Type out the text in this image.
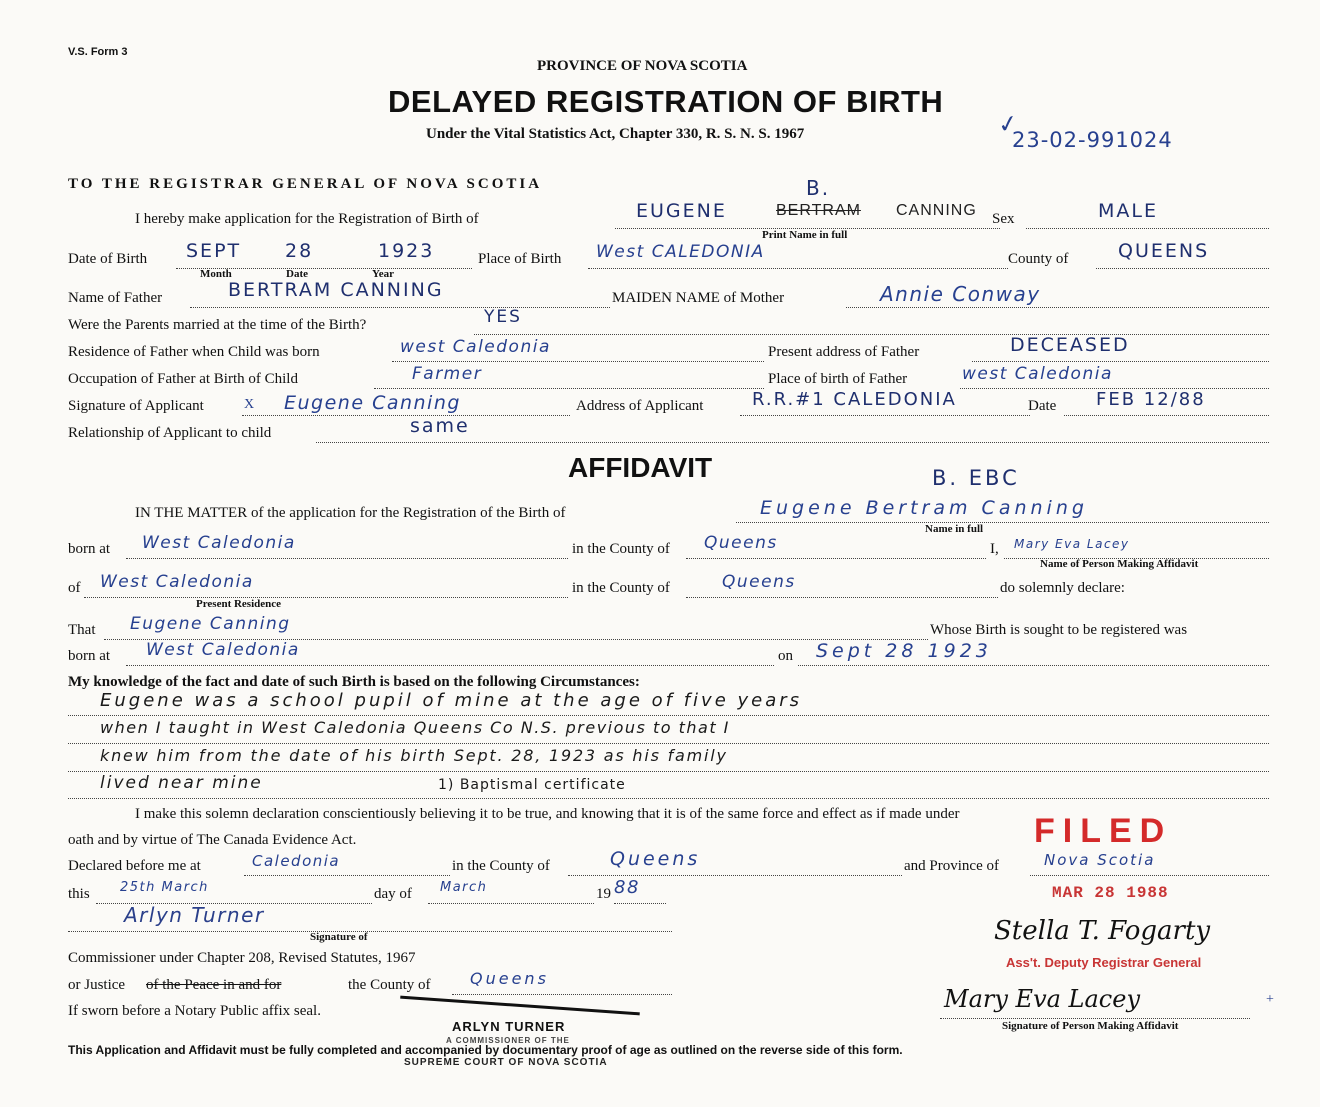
V.S. Form 3
PROVINCE OF NOVA SCOTIA
DELAYED REGISTRATION OF BIRTH
Under the Vital Statistics Act, Chapter 330, R. S. N. S. 1967	✓
23-02-991024
TO THE REGISTRAR GENERAL OF NOVA SCOTIA
I hereby make application for the Registration of Birth of	EUGENE
B.
BERTRAM CANNING
Print Name in full
Sex	MALE
Date of Birth SEPT 28	1923
Month	Date	Year
Place of Birth West CALEDONIA	County of	QUEENS
Name of Father	BERTRAM CANNING	MAIDEN NAME of Mother	Annie Conway
Were the Parents married at the time of the Birth?	YES
Residence of Father when Child was born	west Caledonia	Present address of Father	DECEASED
Occupation of Father at Birth of Child	Farmer	Place of birth of Father	west Caledonia
Signature of Applicant	X Eugene Canning	Address of Applicant	R.R.#1 CALEDONIA	Date FEB 12/88
Relationship of Applicant to child	same
AFFIDAVIT	B. EBC
IN THE MATTER of the application for the Registration of the Birth of	Eugene Bertram Canning
Name in full
born at West Caledonia	in the County of Queens	I, Mary Eva Lacey
Name of Person Making Affidavit
of West Caledonia
Present Residence
in the County of	Queens	do solemnly declare:
That Eugene Canning	Whose Birth is sought to be registered was
born at West Caledonia	on Sept 28 1923
My knowledge of the fact and date of such Birth is based on the following Circumstances:
Eugene was a school pupil of mine at the age of five years
when I taught in West Caledonia Queens Co N.S. previous to that I
knew him from the date of his birth Sept. 28, 1923 as his family
lived near mine	1) Baptismal certificate
I make this solemn declaration conscientiously believing it to be true, and knowing that it is of the same force and effect as if made under
oath and by virtue of The Canada Evidence Act.
Declared before me at	Caledonia	in the County of	Queens	and Province of	Nova Scotia
this 25th March	day of March	19 88
Arlyn Turner
Signature of
Commissioner under Chapter 208, Revised Statutes, 1967
or Justice of the Peace in and for	the County of Queens
If sworn before a Notary Public affix seal.
ARLYN TURNER
A COMMISSIONER OF THE
SUPREME COURT OF NOVA SCOTIA
Mary Eva Lacey	+
Signature of Person Making Affidavit
FILED
MAR 28 1988
Stella T. Fogarty
Ass't. Deputy Registrar General
This Application and Affidavit must be fully completed and accompanied by documentary proof of age as outlined on the reverse side of this form.
